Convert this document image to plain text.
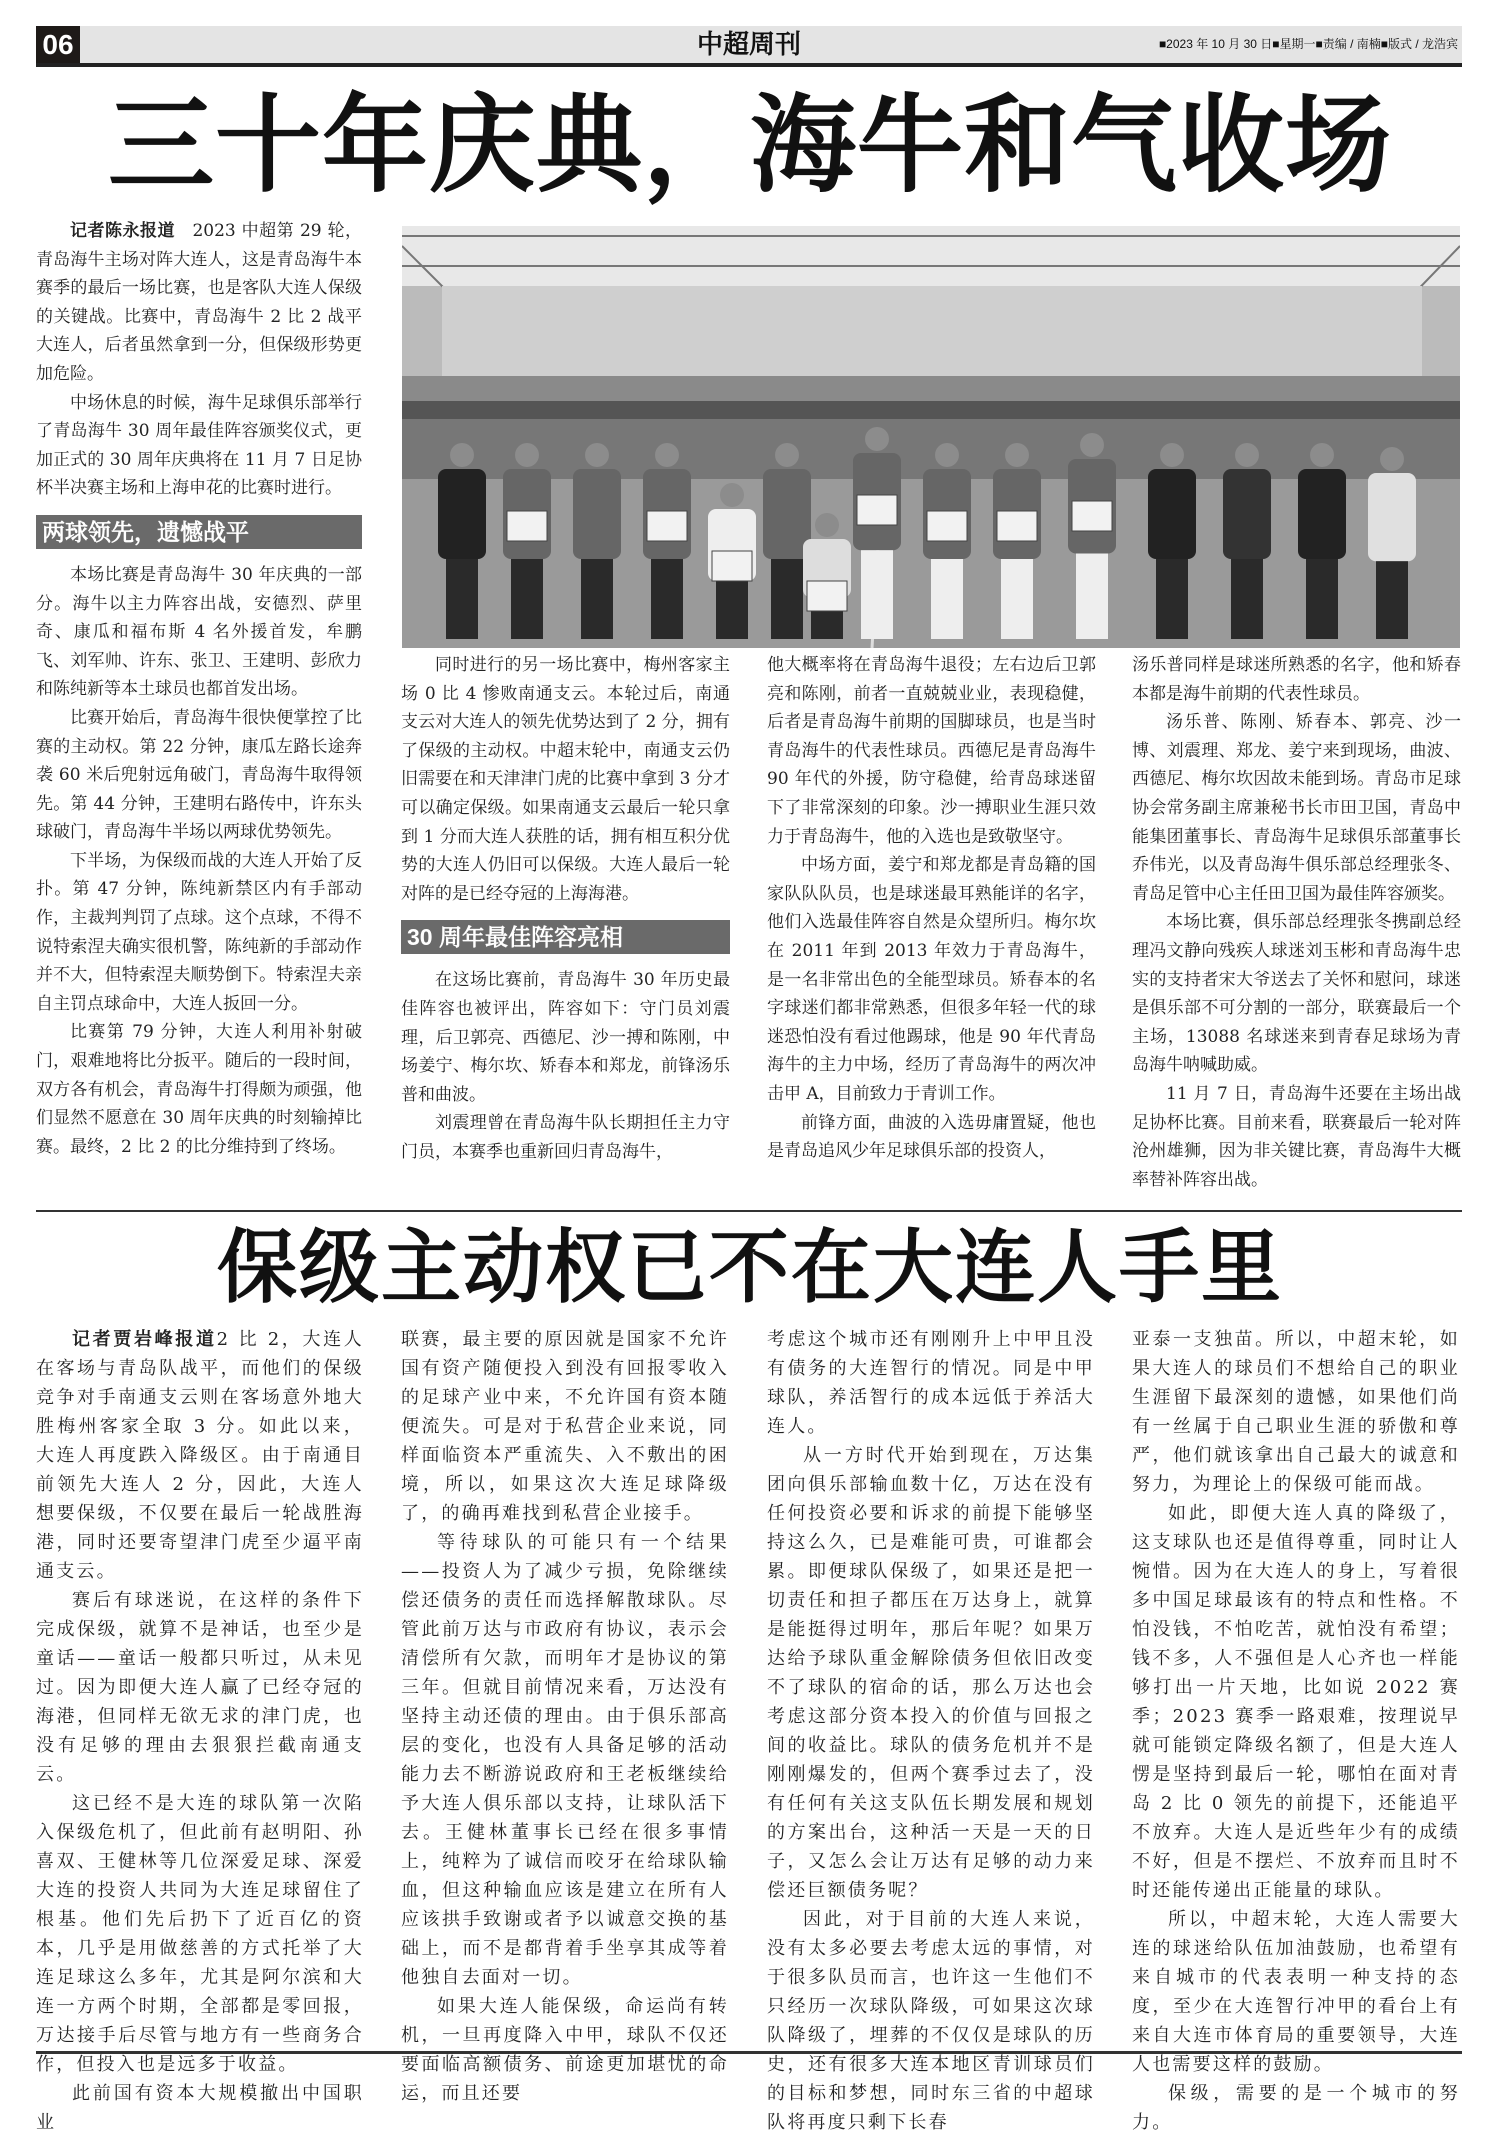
06	中超周刊	■2023 年 10 月 30 日■星期一■责编 / 南楠■版式 / 龙浩宾
三十年庆典，海牛和气收场

记者陈永报道　2023 中超第 29 轮，青岛海牛主场对阵大连人，这是青岛海牛本赛季的最后一场比赛，也是客队大连人保级的关键战。比赛中，青岛海牛 2 比 2 战平大连人，后者虽然拿到一分，但保级形势更加危险。

中场休息的时候，海牛足球俱乐部举行了青岛海牛 30 周年最佳阵容颁奖仪式，更加正式的 30 周年庆典将在 11 月 7 日足协杯半决赛主场和上海申花的比赛时进行。

两球领先，遗憾战平

本场比赛是青岛海牛 30 年庆典的一部分。海牛以主力阵容出战，安德烈、萨里奇、康瓜和福布斯 4 名外援首发，牟鹏飞、刘军帅、许东、张卫、王建明、彭欣力和陈纯新等本土球员也都首发出场。

比赛开始后，青岛海牛很快便掌控了比赛的主动权。第 22 分钟，康瓜左路长途奔袭 60 米后兜射远角破门，青岛海牛取得领先。第 44 分钟，王建明右路传中，许东头球破门，青岛海牛半场以两球优势领先。

下半场，为保级而战的大连人开始了反扑。第 47 分钟，陈纯新禁区内有手部动作，主裁判判罚了点球。这个点球，不得不说特索涅夫确实很机警，陈纯新的手部动作并不大，但特索涅夫顺势倒下。特索涅夫亲自主罚点球命中，大连人扳回一分。

比赛第 79 分钟，大连人利用补射破门，艰难地将比分扳平。随后的一段时间，双方各有机会，青岛海牛打得颇为顽强，他们显然不愿意在 30 周年庆典的时刻输掉比赛。最终，2 比 2 的比分维持到了终场。

同时进行的另一场比赛中，梅州客家主场 0 比 4 惨败南通支云。本轮过后，南通支云对大连人的领先优势达到了 2 分，拥有了保级的主动权。中超末轮中，南通支云仍旧需要在和天津津门虎的比赛中拿到 3 分才可以确定保级。如果南通支云最后一轮只拿到 1 分而大连人获胜的话，拥有相互积分优势的大连人仍旧可以保级。大连人最后一轮对阵的是已经夺冠的上海海港。

30 周年最佳阵容亮相

在这场比赛前，青岛海牛 30 年历史最佳阵容也被评出，阵容如下：守门员刘震理，后卫郭亮、西德尼、沙一搏和陈刚，中场姜宁、梅尔坎、矫春本和郑龙，前锋汤乐普和曲波。

刘震理曾在青岛海牛队长期担任主力守门员，本赛季也重新回归青岛海牛，

他大概率将在青岛海牛退役；左右边后卫郭亮和陈刚，前者一直兢兢业业，表现稳健，后者是青岛海牛前期的国脚球员，也是当时青岛海牛的代表性球员。西德尼是青岛海牛 90 年代的外援，防守稳健，给青岛球迷留下了非常深刻的印象。沙一搏职业生涯只效力于青岛海牛，他的入选也是致敬坚守。

中场方面，姜宁和郑龙都是青岛籍的国家队队队员，也是球迷最耳熟能详的名字，他们入选最佳阵容自然是众望所归。梅尔坎在 2011 年到 2013 年效力于青岛海牛，是一名非常出色的全能型球员。矫春本的名字球迷们都非常熟悉，但很多年轻一代的球迷恐怕没有看过他踢球，他是 90 年代青岛海牛的主力中场，经历了青岛海牛的两次冲击甲 A，目前致力于青训工作。

前锋方面，曲波的入选毋庸置疑，他也是青岛追风少年足球俱乐部的投资人，

汤乐普同样是球迷所熟悉的名字，他和矫春本都是海牛前期的代表性球员。

汤乐普、陈刚、矫春本、郭亮、沙一博、刘震理、郑龙、姜宁来到现场，曲波、西德尼、梅尔坎因故未能到场。青岛市足球协会常务副主席兼秘书长市田卫国，青岛中能集团董事长、青岛海牛足球俱乐部董事长乔伟光，以及青岛海牛俱乐部总经理张冬、青岛足管中心主任田卫国为最佳阵容颁奖。

本场比赛，俱乐部总经理张冬携副总经理冯文静向残疾人球迷刘玉彬和青岛海牛忠实的支持者宋大爷送去了关怀和慰问，球迷是俱乐部不可分割的一部分，联赛最后一个主场，13088 名球迷来到青春足球场为青岛海牛呐喊助威。

11 月 7 日，青岛海牛还要在主场出战足协杯比赛。目前来看，联赛最后一轮对阵沧州雄狮，因为非关键比赛，青岛海牛大概率替补阵容出战。

保级主动权已不在大连人手里

记者贾岩峰报道2 比 2，大连人在客场与青岛队战平，而他们的保级竞争对手南通支云则在客场意外地大胜梅州客家全取 3 分。如此以来，大连人再度跌入降级区。由于南通目前领先大连人 2 分，因此，大连人想要保级，不仅要在最后一轮战胜海港，同时还要寄望津门虎至少逼平南通支云。

赛后有球迷说，在这样的条件下完成保级，就算不是神话，也至少是童话——童话一般都只听过，从未见过。因为即便大连人赢了已经夺冠的海港，但同样无欲无求的津门虎，也没有足够的理由去狠狠拦截南通支云。

这已经不是大连的球队第一次陷入保级危机了，但此前有赵明阳、孙喜双、王健林等几位深爱足球、深爱大连的投资人共同为大连足球留住了根基。他们先后扔下了近百亿的资本，几乎是用做慈善的方式托举了大连足球这么多年，尤其是阿尔滨和大连一方两个时期，全部都是零回报，万达接手后尽管与地方有一些商务合作，但投入也是远多于收益。

此前国有资本大规模撤出中国职业

联赛，最主要的原因就是国家不允许国有资产随便投入到没有回报零收入的足球产业中来，不允许国有资本随便流失。可是对于私营企业来说，同样面临资本严重流失、入不敷出的困境，所以，如果这次大连足球降级了，的确再难找到私营企业接手。

等待球队的可能只有一个结果——投资人为了减少亏损，免除继续偿还债务的责任而选择解散球队。尽管此前万达与市政府有协议，表示会清偿所有欠款，而明年才是协议的第三年。但就目前情况来看，万达没有坚持主动还债的理由。由于俱乐部高层的变化，也没有人具备足够的活动能力去不断游说政府和王老板继续给予大连人俱乐部以支持，让球队活下去。王健林董事长已经在很多事情上，纯粹为了诚信而咬牙在给球队输血，但这种输血应该是建立在所有人应该拱手致谢或者予以诚意交换的基础上，而不是都背着手坐享其成等着他独自去面对一切。

如果大连人能保级，命运尚有转机，一旦再度降入中甲，球队不仅还要面临高额债务、前途更加堪忧的命运，而且还要

考虑这个城市还有刚刚升上中甲且没有债务的大连智行的情况。同是中甲球队，养活智行的成本远低于养活大连人。

从一方时代开始到现在，万达集团向俱乐部输血数十亿，万达在没有任何投资必要和诉求的前提下能够坚持这么久，已是难能可贵，可谁都会累。即便球队保级了，如果还是把一切责任和担子都压在万达身上，就算是能挺得过明年，那后年呢？如果万达给予球队重金解除债务但依旧改变不了球队的宿命的话，那么万达也会考虑这部分资本投入的价值与回报之间的收益比。球队的债务危机并不是刚刚爆发的，但两个赛季过去了，没有任何有关这支队伍长期发展和规划的方案出台，这种活一天是一天的日子，又怎么会让万达有足够的动力来偿还巨额债务呢？

因此，对于目前的大连人来说，没有太多必要去考虑太远的事情，对于很多队员而言，也许这一生他们不只经历一次球队降级，可如果这次球队降级了，埋葬的不仅仅是球队的历史，还有很多大连本地区青训球员们的目标和梦想，同时东三省的中超球队将再度只剩下长春

亚泰一支独苗。所以，中超末轮，如果大连人的球员们不想给自己的职业生涯留下最深刻的遗憾，如果他们尚有一丝属于自己职业生涯的骄傲和尊严，他们就该拿出自己最大的诚意和努力，为理论上的保级可能而战。

如此，即便大连人真的降级了，这支球队也还是值得尊重，同时让人惋惜。因为在大连人的身上，写着很多中国足球最该有的特点和性格。不怕没钱，不怕吃苦，就怕没有希望；钱不多，人不强但是人心齐也一样能够打出一片天地，比如说 2022 赛季；2023 赛季一路艰难，按理说早就可能锁定降级名额了，但是大连人愣是坚持到最后一轮，哪怕在面对青岛 2 比 0 领先的前提下，还能追平不放弃。大连人是近些年少有的成绩不好，但是不摆烂、不放弃而且时不时还能传递出正能量的球队。

所以，中超末轮，大连人需要大连的球迷给队伍加油鼓励，也希望有来自城市的代表表明一种支持的态度，至少在大连智行冲甲的看台上有来自大连市体育局的重要领导，大连人也需要这样的鼓励。

保级，需要的是一个城市的努力。
